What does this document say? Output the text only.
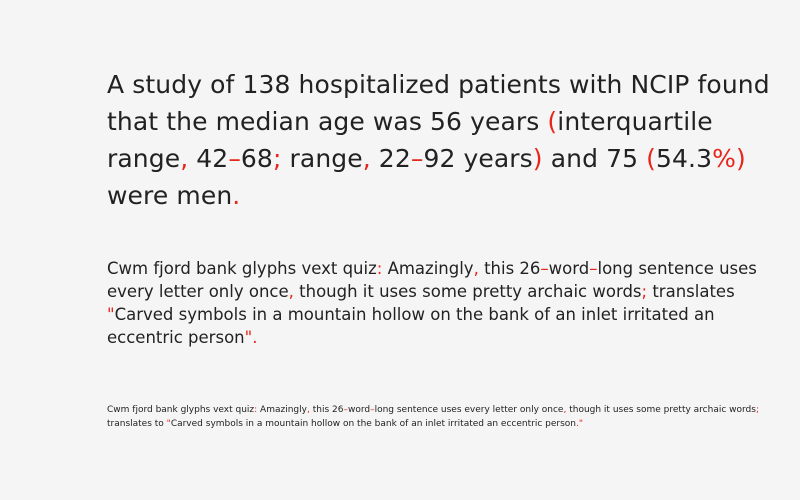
A study of 138 hospitalized patients with NCIP found
that the median age was 56 years (interquartile
range, 42–68; range, 22–92 years) and 75 (54.3%)
were men.
Cwm fjord bank glyphs vext quiz: Amazingly, this 26–word–long sentence uses
every letter only once, though it uses some pretty archaic words; translates
"Carved symbols in a mountain hollow on the bank of an inlet irritated an
eccentric person".
Cwm fjord bank glyphs vext quiz: Amazingly, this 26–word–long sentence uses every letter only once, though it uses some pretty archaic words;
translates to "Carved symbols in a mountain hollow on the bank of an inlet irritated an eccentric person."
